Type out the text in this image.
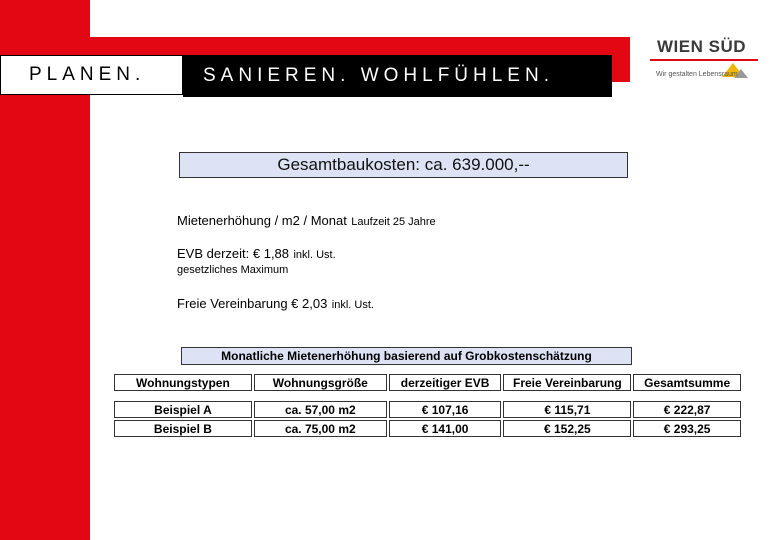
PLANEN.	SANIEREN. WOHLFÜHLEN.
WIEN SÜD
Wir gestalten Lebensraum
Gesamtbaukosten: ca. 639.000,--
Mietenerhöhung / m2 / Monat Laufzeit 25 Jahre
EVB derzeit: € 1,88 inkl. Ust.
gesetzliches Maximum
Freie Vereinbarung € 2,03 inkl. Ust.
Monatliche Mietenerhöhung basierend auf Grobkostenschätzung
Wohnungstypen	Wohnungsgröße	derzeitiger EVB	Freie Vereinbarung	Gesamtsumme

Beispiel A	ca. 57,00 m2	€ 107,16	€ 115,71	€ 222,87
Beispiel B	ca. 75,00 m2	€ 141,00	€ 152,25	€ 293,25
